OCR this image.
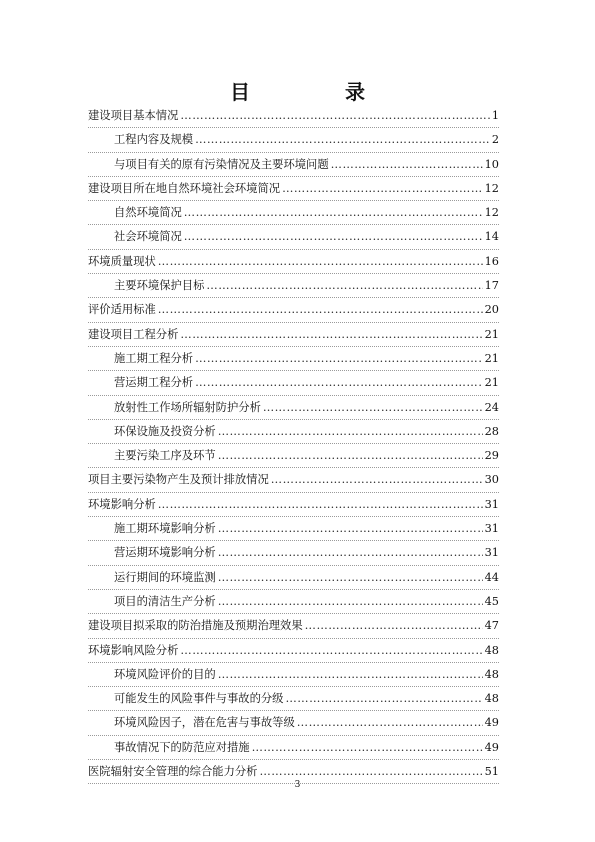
目 录
建设项目基本情况 ……………………………………………………………………………………………………………………	1
工程内容及规模 ……………………………………………………………………………………………………………………	2
与项目有关的原有污染情况及主要环境问题 ……………………………………………………………………………………………………………………	10
建设项目所在地自然环境社会环境简况 ……………………………………………………………………………………………………………………	12
自然环境简况 ……………………………………………………………………………………………………………………	12
社会环境简况 ……………………………………………………………………………………………………………………	14
环境质量现状 ……………………………………………………………………………………………………………………	16
主要环境保护目标 ……………………………………………………………………………………………………………………	17
评价适用标准 ……………………………………………………………………………………………………………………	20
建设项目工程分析 ……………………………………………………………………………………………………………………	21
施工期工程分析 ……………………………………………………………………………………………………………………	21
营运期工程分析 ……………………………………………………………………………………………………………………	21
放射性工作场所辐射防护分析 ……………………………………………………………………………………………………………………	24
环保设施及投资分析 ……………………………………………………………………………………………………………………	28
主要污染工序及环节 ……………………………………………………………………………………………………………………	29
项目主要污染物产生及预计排放情况 ……………………………………………………………………………………………………………………	30
环境影响分析 ……………………………………………………………………………………………………………………	31
施工期环境影响分析 ……………………………………………………………………………………………………………………	31
营运期环境影响分析 ……………………………………………………………………………………………………………………	31
运行期间的环境监测 ……………………………………………………………………………………………………………………	44
项目的清洁生产分析 ……………………………………………………………………………………………………………………	45
建设项目拟采取的防治措施及预期治理效果 ……………………………………………………………………………………………………………………	47
环境影响风险分析 ……………………………………………………………………………………………………………………	48
环境风险评价的目的 ……………………………………………………………………………………………………………………	48
可能发生的风险事件与事故的分级 ……………………………………………………………………………………………………………………	48
环境风险因子，潜在危害与事故等级 ……………………………………………………………………………………………………………………	49
事故情况下的防范应对措施 ……………………………………………………………………………………………………………………	49
医院辐射安全管理的综合能力分析 ……………………………………………………………………………………………………………………	51
3
